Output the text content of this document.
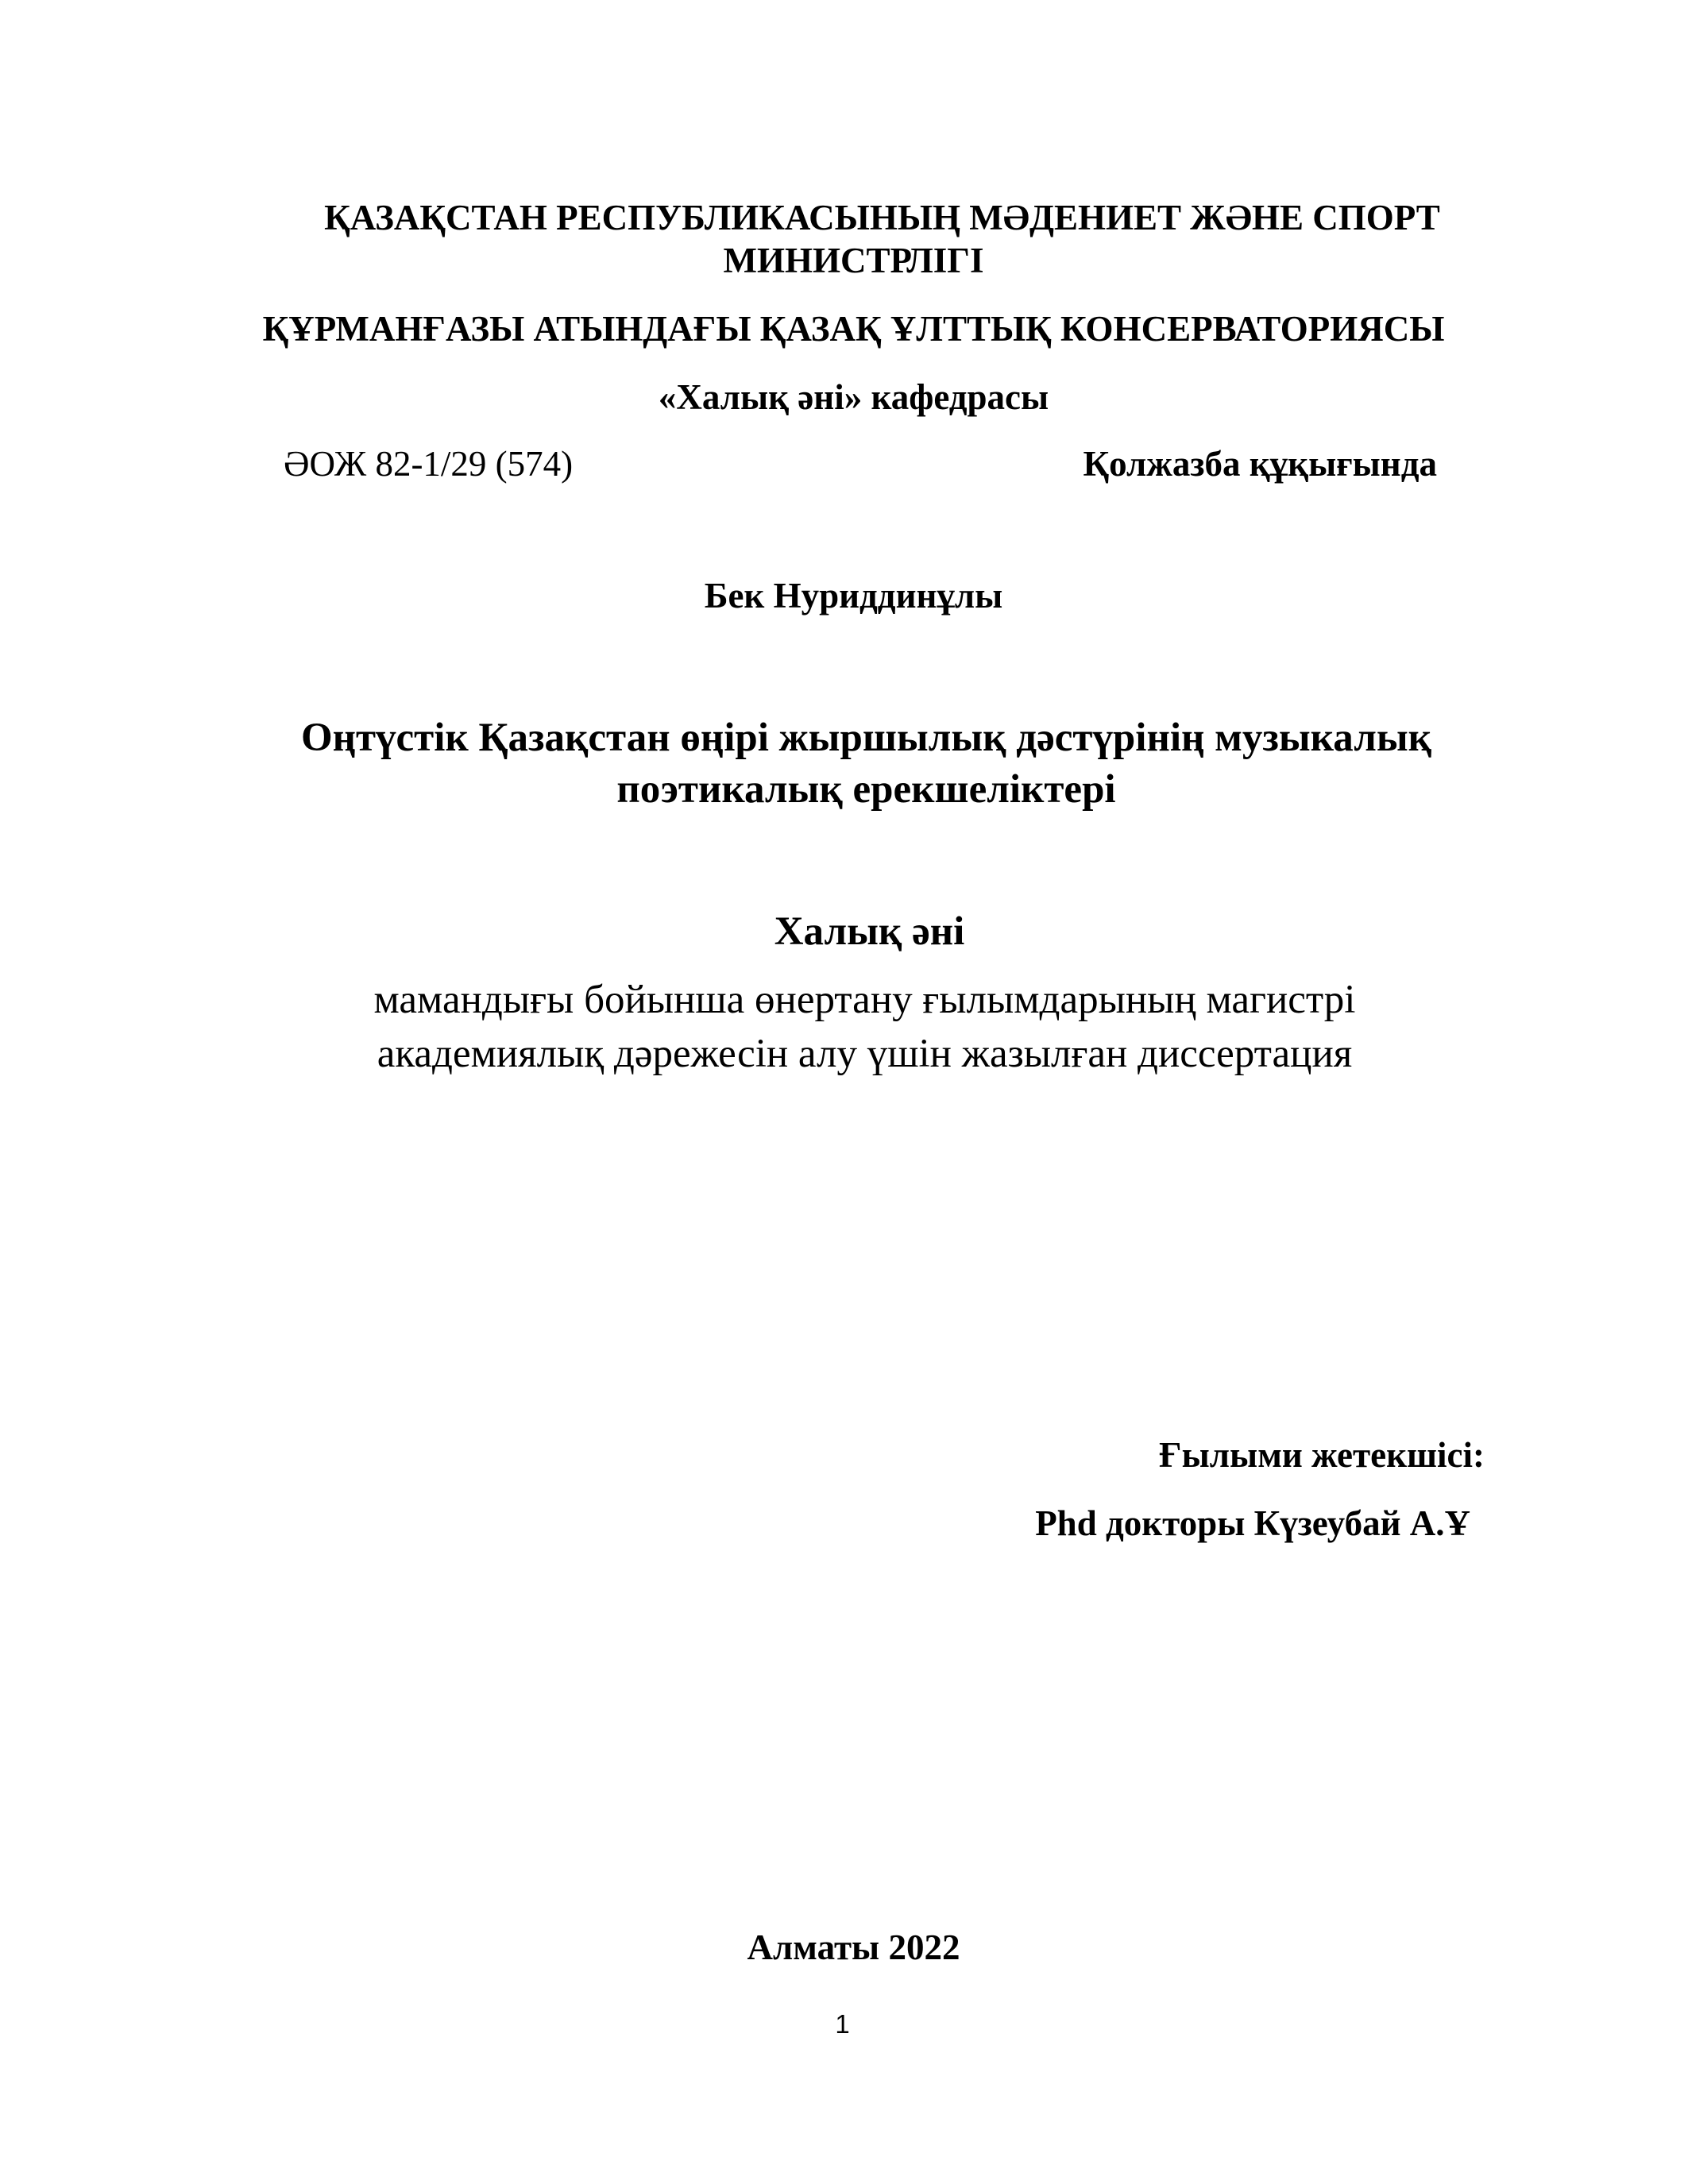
ҚАЗАҚСТАН РЕСПУБЛИКАСЫНЫҢ МӘДЕНИЕТ ЖӘНЕ СПОРТ
МИНИСТРЛІГІ
ҚҰРМАНҒАЗЫ АТЫНДАҒЫ ҚАЗАҚ ҰЛТТЫҚ КОНСЕРВАТОРИЯСЫ
«Халық әні» кафедрасы
ӘОЖ 82-1/29 (574)	Қолжазба құқығында
Бек Нуриддинұлы
Оңтүстік Қазақстан өңірі жыршылық дәстүрінің музыкалық
поэтикалық ерекшеліктері
Халық әні
мамандығы бойынша өнертану ғылымдарының магистрі
академиялық дәрежесін алу үшін жазылған диссертация
Ғылыми жетекшісі:
Phd докторы Күзеубай А.Ұ
Алматы 2022
1
